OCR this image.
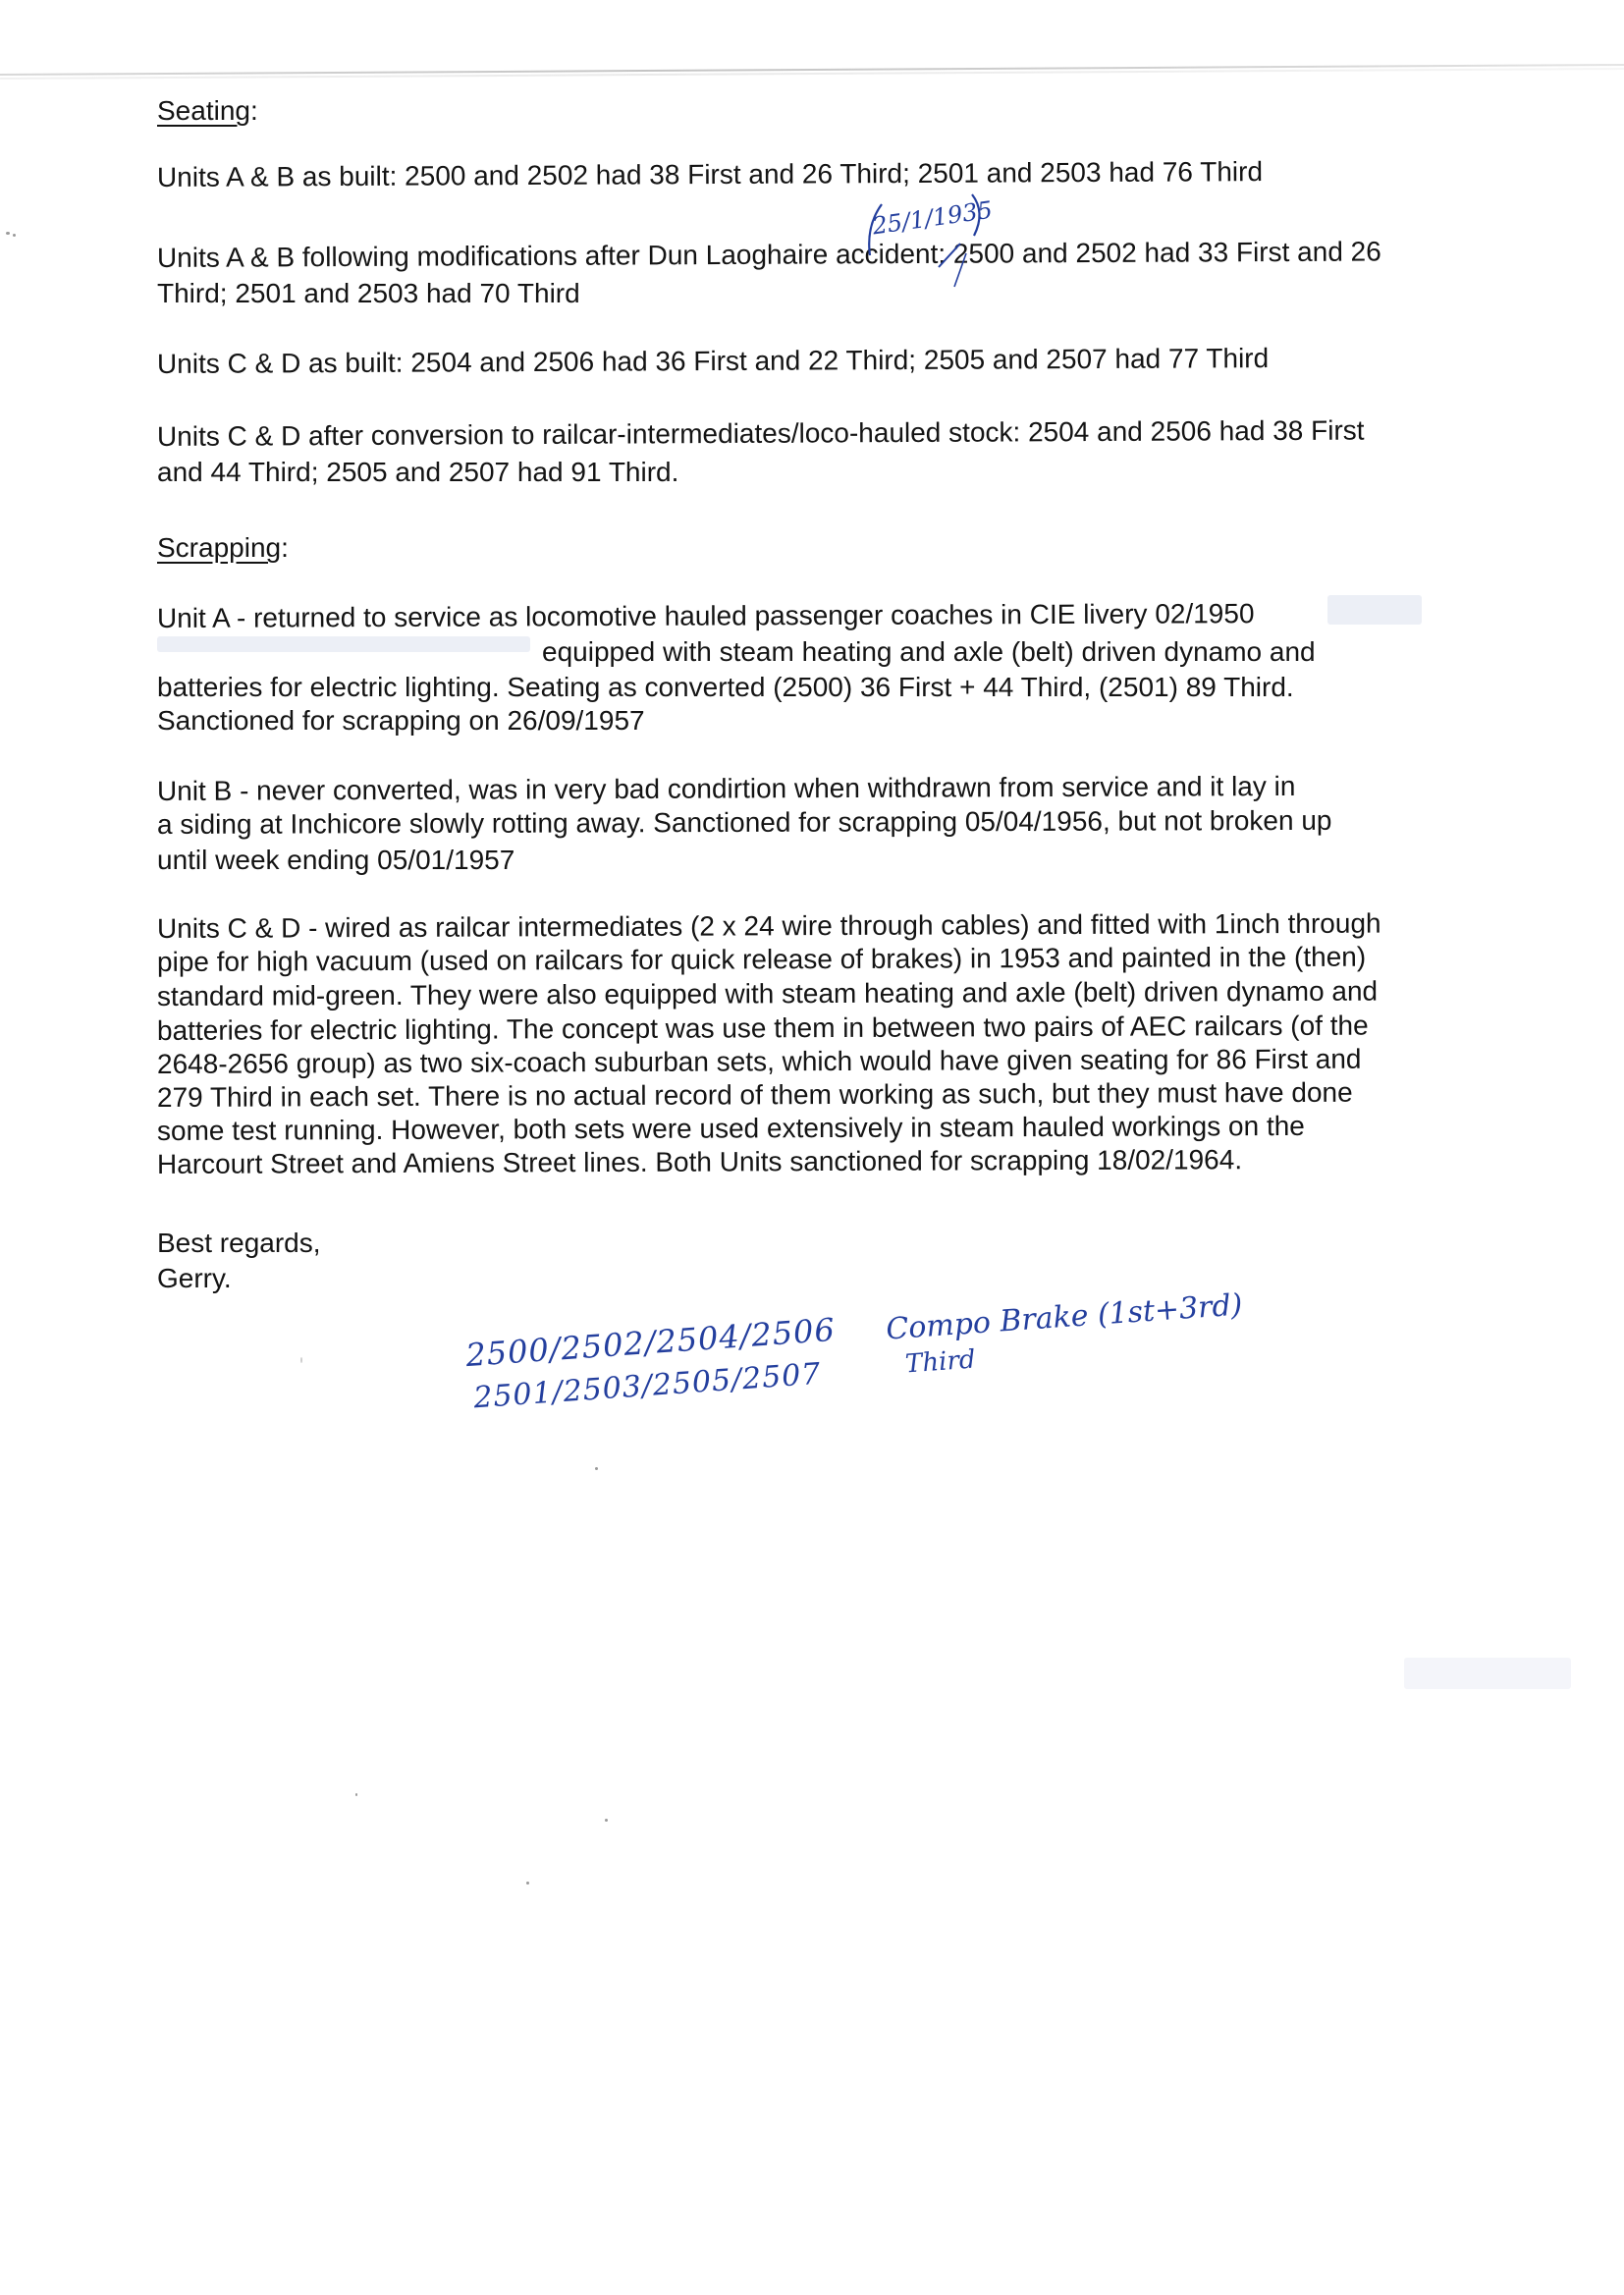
Seating:
Units A & B as built: 2500 and 2502 had 38 First and 26 Third; 2501 and 2503 had 76 Third
Units A & B following modifications after Dun Laoghaire accident: 2500 and 2502 had 33 First and 26
Third; 2501 and 2503 had 70 Third
Units C & D as built: 2504 and 2506 had 36 First and 22 Third; 2505 and 2507 had 77 Third
Units C & D after conversion to railcar-intermediates/loco-hauled stock: 2504 and 2506 had 38 First
and 44 Third; 2505 and 2507 had 91 Third.
Scrapping:
Unit A - returned to service as locomotive hauled passenger coaches in CIE livery 02/1950
equipped with steam heating and axle (belt) driven dynamo and
batteries for electric lighting. Seating as converted (2500) 36 First + 44 Third, (2501) 89 Third.
Sanctioned for scrapping on 26/09/1957
Unit B - never converted, was in very bad condirtion when withdrawn from service and it lay in
a siding at Inchicore slowly rotting away. Sanctioned for scrapping 05/04/1956, but not broken up
until week ending 05/01/1957
Units C & D - wired as railcar intermediates (2 x 24 wire through cables) and fitted with 1inch through
pipe for high vacuum (used on railcars for quick release of brakes) in 1953 and painted in the (then)
standard mid-green. They were also equipped with steam heating and axle (belt) driven dynamo and
batteries for electric lighting. The concept was use them in between two pairs of AEC railcars (of the
2648-2656 group) as two six-coach suburban sets, which would have given seating for 86 First and
279 Third in each set. There is no actual record of them working as such, but they must have done
some test running. However, both sets were used extensively in steam hauled workings on the
Harcourt Street and Amiens Street lines. Both Units sanctioned for scrapping 18/02/1964.
Best regards,
Gerry.
25/1/1935
2500/2502/2504/2506 Compo Brake (1st+3rd)
2501/2503/2505/2507	Third
